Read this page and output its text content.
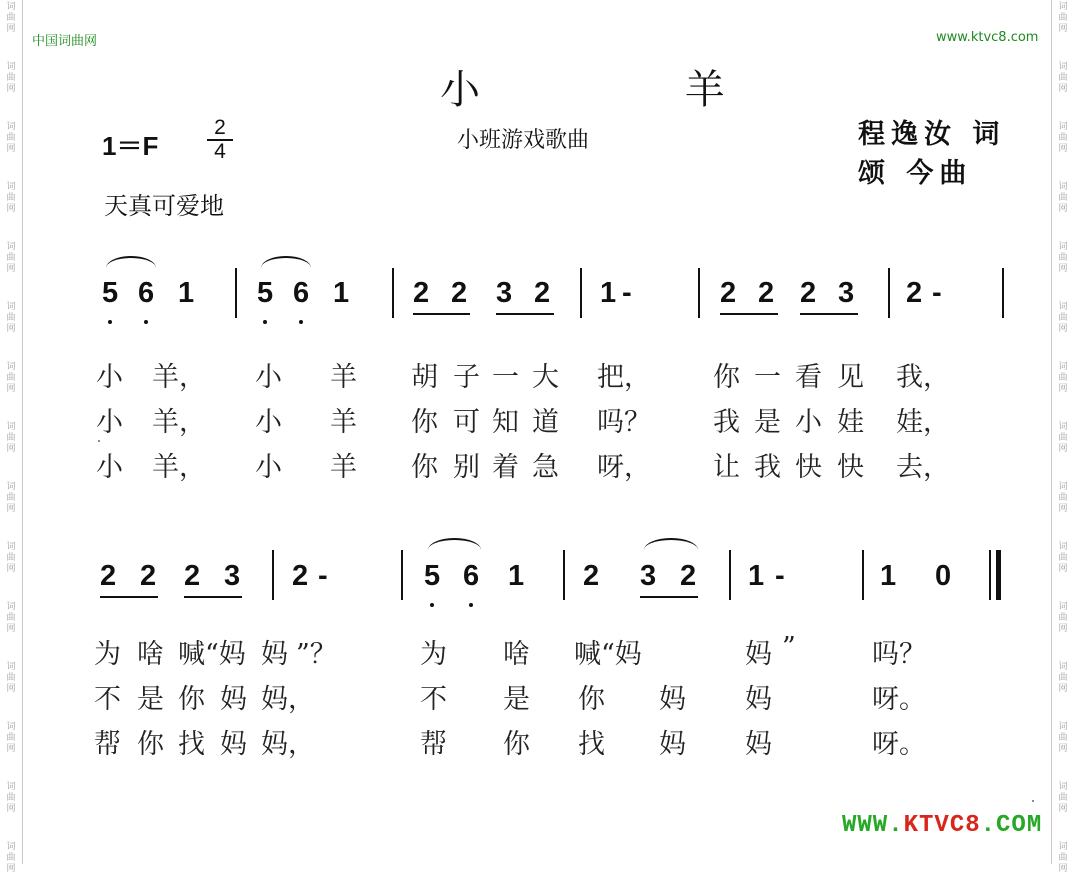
词
曲
网
词
曲
网
词
曲
网
词
曲
网
词
曲
网
词
曲
网
词
曲
网
词
曲
网
词
曲
网
词
曲
网
词
曲
网
词
曲
网
词
曲
网
词
曲
网
词
曲
网
词
曲
网
词
曲
网
词
曲
网
词
曲
网
词
曲
网
词
曲
网
词
曲
网
词
曲
网
词
曲
网
词
曲
网
词
曲
网
词
曲
网
词
曲
网
词
曲
网
词
曲
网
中国词曲网	www.ktvc8.com
小 羊
小班游戏歌曲
1＝F
2
4
天真可爱地
程逸汝 词
颂 今曲
5 6 1 5 6 1 2 2 3 2 1 -	2 2 2 3 2 -
小 羊， 小 羊 胡 子 一 大 把， 你 一 看 见 我，
小 羊， 小 羊 你 可 知 道 吗？ 我 是 小 娃 娃，
小 羊， 小 羊 你 别 着 急 呀， 让 我 快 快 去，
2 2 2 3 2 -	5 6 1 2 3 2 1 -	1 0
为 啥 喊“妈 妈 ”？	为 啥 喊“妈	妈 ”	吗？
不 是 你 妈 妈，	不 是 你 妈 妈	呀。
帮 你 找 妈 妈，	帮 你 找 妈 妈	呀。
WWW.KTVC8.COM
